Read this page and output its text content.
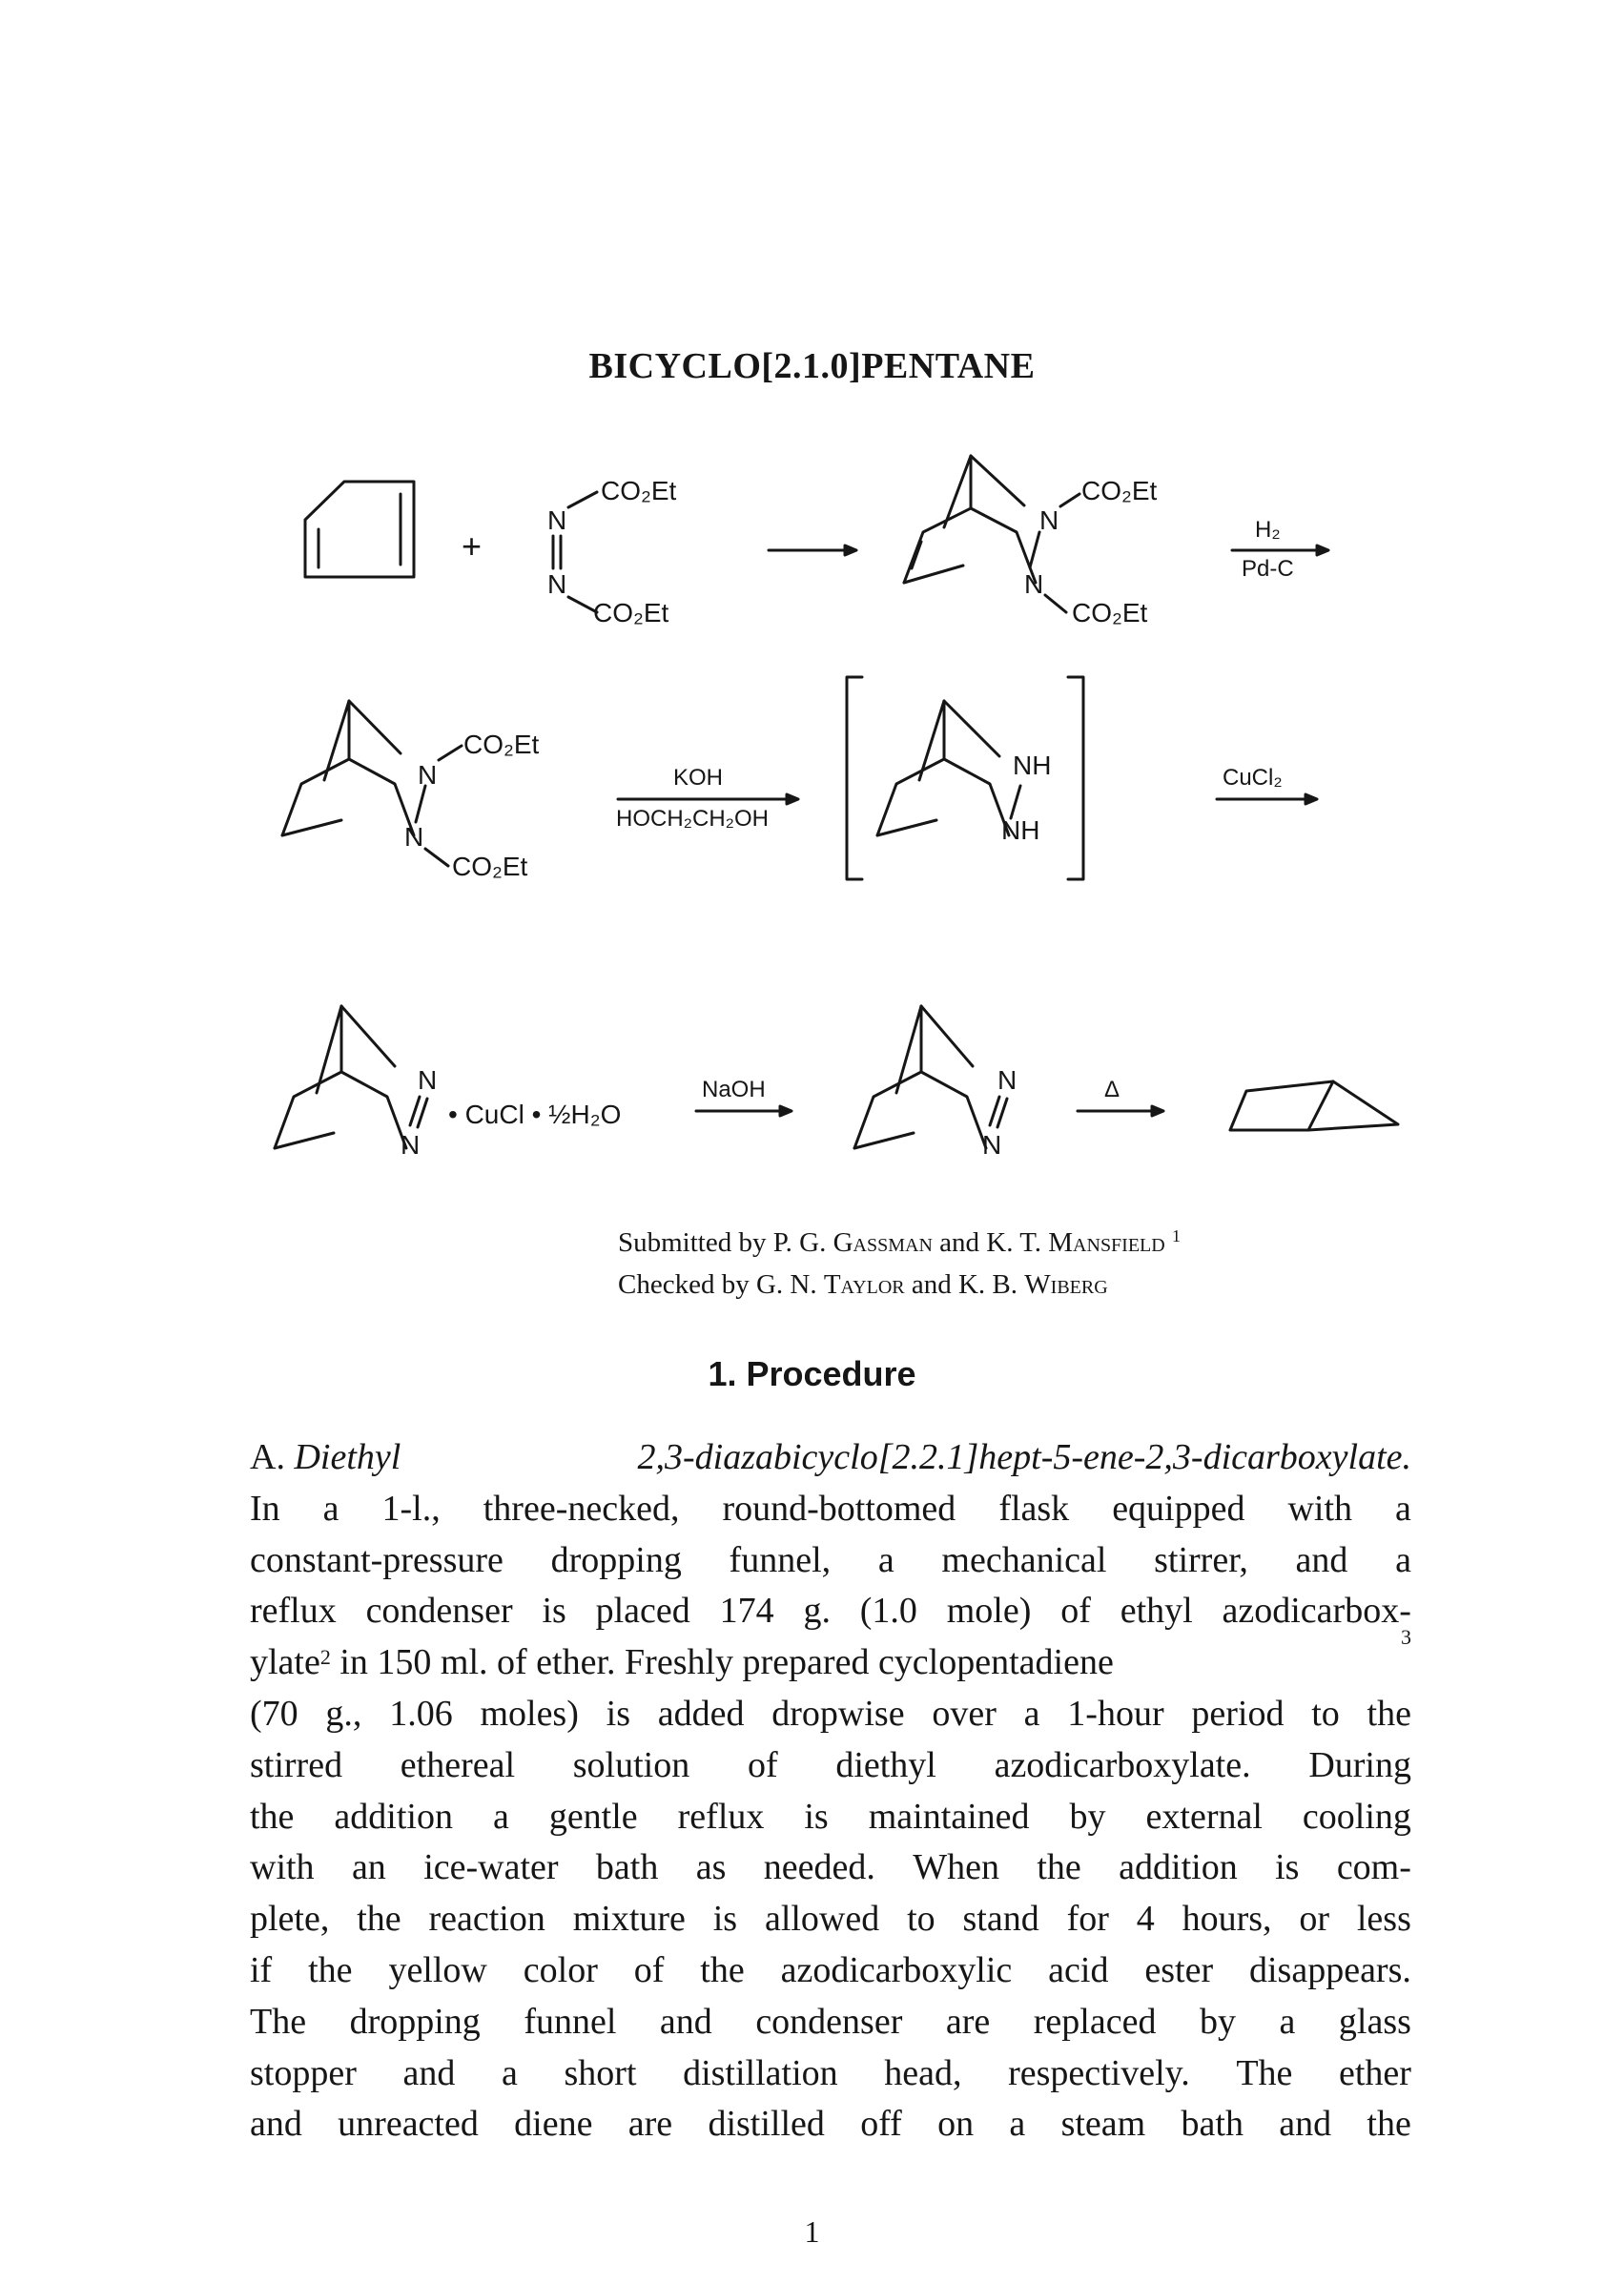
BICYCLO[2.1.0]PENTANE
+
N
N
CO₂Et
CO₂Et
N
N
CO₂Et
CO₂Et
H₂
Pd-C
N
N
CO₂Et
CO₂Et
KOH
HOCH₂CH₂OH
NH
NH
CuCl₂
N
N
• CuCl • ½H₂O
NaOH	N
N
Δ
Submitted by P. G. Gassman and K. T. Mansfield $^1$
Checked by G. N. Taylor and K. B. Wiberg
1. Procedure
A. Diethyl	2,3-diazabicyclo[2.2.1]hept-5-ene-2,3-dicarboxylate.
In a 1-l., three-necked, round-bottomed flask equipped with a
constant-pressure dropping funnel, a mechanical stirrer, and a
reflux condenser is placed 174 g. (1.0 mole) of ethyl azodicarbox-
ylate$^2$ in 150 ml. of ether. Freshly prepared cyclopentadiene
3
(70 g., 1.06 moles) is added dropwise over a 1-hour period to the
stirred ethereal solution of diethyl azodicarboxylate. During
the addition a gentle reflux is maintained by external cooling
with an ice-water bath as needed. When the addition is com-
plete, the reaction mixture is allowed to stand for 4 hours, or less
if the yellow color of the azodicarboxylic acid ester disappears.
The dropping funnel and condenser are replaced by a glass
stopper and a short distillation head, respectively. The ether
and unreacted diene are distilled off on a steam bath and the
1
